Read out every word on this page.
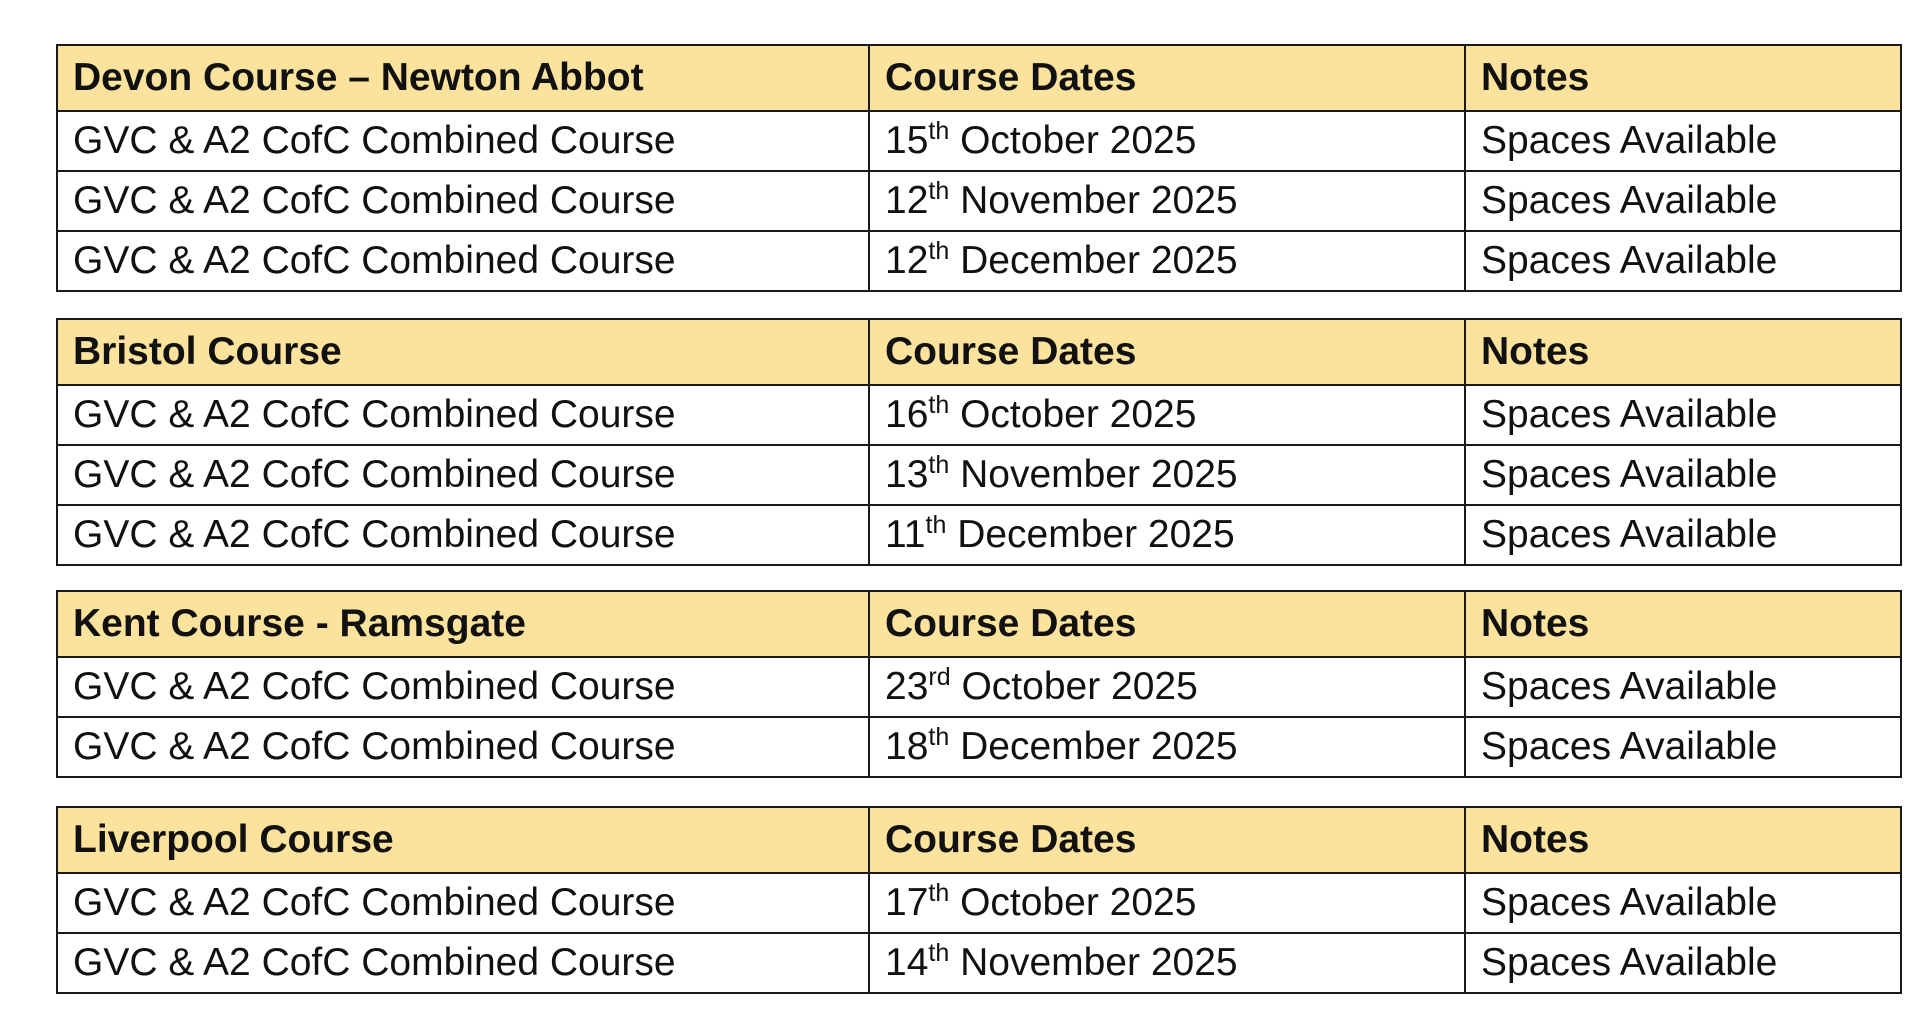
Devon Course – Newton Abbot	Course Dates	Notes
GVC & A2 CofC Combined Course	15th October 2025	Spaces Available
GVC & A2 CofC Combined Course	12th November 2025	Spaces Available
GVC & A2 CofC Combined Course	12th December 2025	Spaces Available
Bristol Course	Course Dates	Notes
GVC & A2 CofC Combined Course	16th October 2025	Spaces Available
GVC & A2 CofC Combined Course	13th November 2025	Spaces Available
GVC & A2 CofC Combined Course	11th December 2025	Spaces Available
Kent Course - Ramsgate	Course Dates	Notes
GVC & A2 CofC Combined Course	23rd October 2025	Spaces Available
GVC & A2 CofC Combined Course	18th December 2025	Spaces Available
Liverpool Course	Course Dates	Notes
GVC & A2 CofC Combined Course	17th October 2025	Spaces Available
GVC & A2 CofC Combined Course	14th November 2025	Spaces Available
